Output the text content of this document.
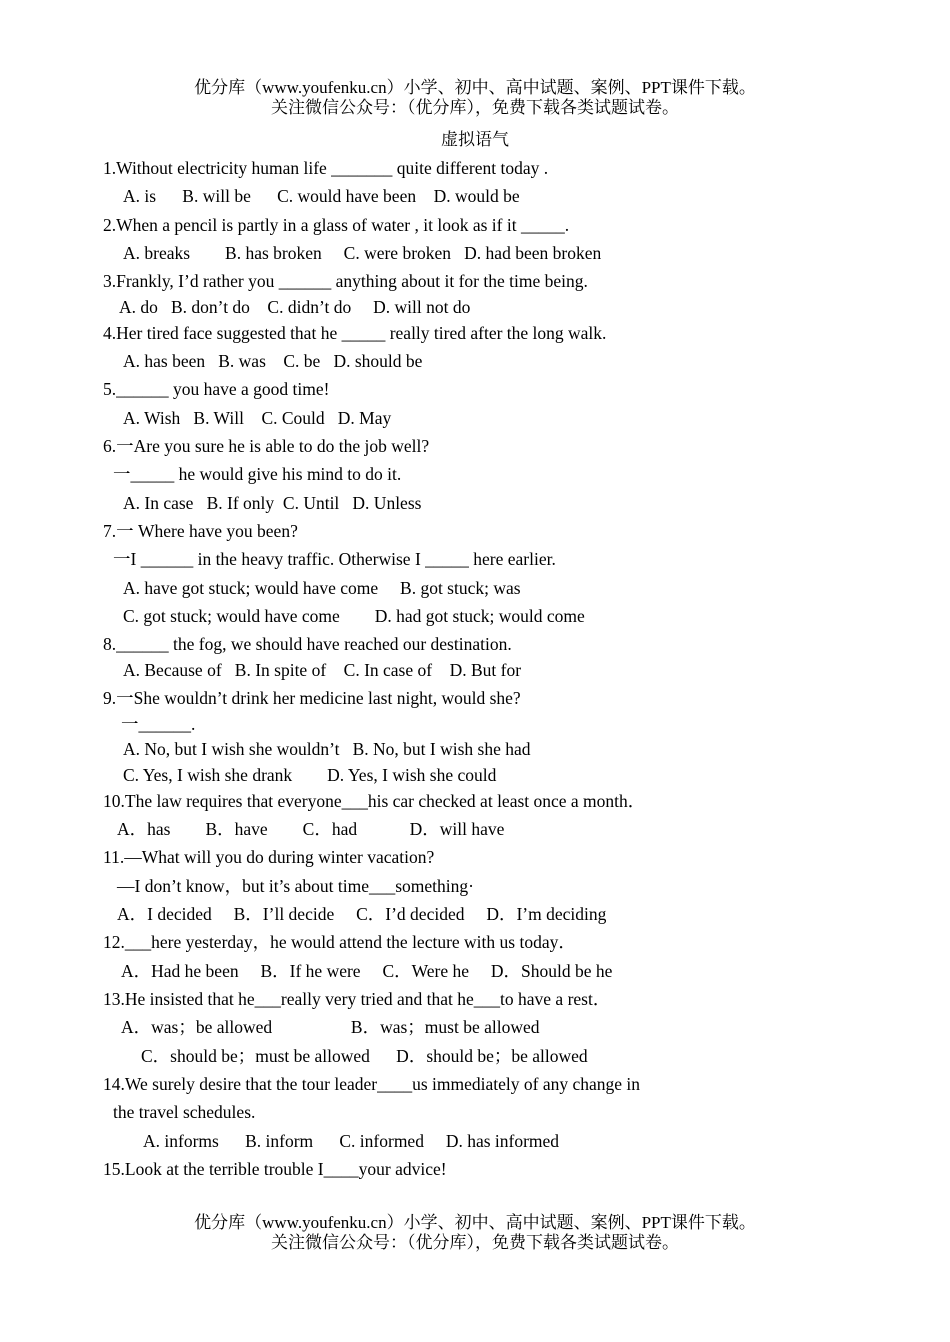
优分库（www.youfenku.cn）小学、初中、高中试题、案例、PPT课件下载。
关注微信公众号：（优分库），免费下载各类试题试卷。
虚拟语气
1.Without electricity human life _______ quite different today .
A. is      B. will be      C. would have been    D. would be
2.When a pencil is partly in a glass of water , it look as if it _____.
A. breaks        B. has broken     C. were broken   D. had been broken
3.Frankly, I’d rather you ______ anything about it for the time being.
A. do   B. don’t do    C. didn’t do     D. will not do
4.Her tired face suggested that he _____ really tired after the long walk.
A. has been   B. was    C. be   D. should be
5.______ you have a good time!
A. Wish   B. Will    C. Could   D. May
6.一Are you sure he is able to do the job well?
一_____ he would give his mind to do it.
A. In case   B. If only  C. Until   D. Unless
7.一 Where have you been?
一I ______ in the heavy traffic. Otherwise I _____ here earlier.
A. have got stuck; would have come     B. got stuck; was
C. got stuck; would have come        D. had got stuck; would come
8.______ the fog, we should have reached our destination.
A. Because of   B. In spite of    C. In case of    D. But for
9.一She wouldn’t drink her medicine last night, would she?
一______.
A. No, but I wish she wouldn’t   B. No, but I wish she had
C. Yes, I wish she drank        D. Yes, I wish she could
10.The law requires that everyone___his car checked at least once a month．
A．has        B．have        C．had            D．will have
11.—What will you do during winter vacation?
—I don’t know，but it’s about time___something·
A．I decided     B．I’ll decide     C．I’d decided     D．I’m deciding
12.___here yesterday，he would attend the lecture with us today．
A．Had he been     B．If he were     C．Were he     D．Should be he
13.He insisted that he___really very tried and that he___to have a rest．
A．was；be allowed                  B．was；must be allowed
C．should be；must be allowed      D．should be；be allowed
14.We surely desire that the tour leader____us immediately of any change in
the travel schedules.
A. informs      B. inform      C. informed     D. has informed
15.Look at the terrible trouble I____your advice!
优分库（www.youfenku.cn）小学、初中、高中试题、案例、PPT课件下载。
关注微信公众号：（优分库），免费下载各类试题试卷。
